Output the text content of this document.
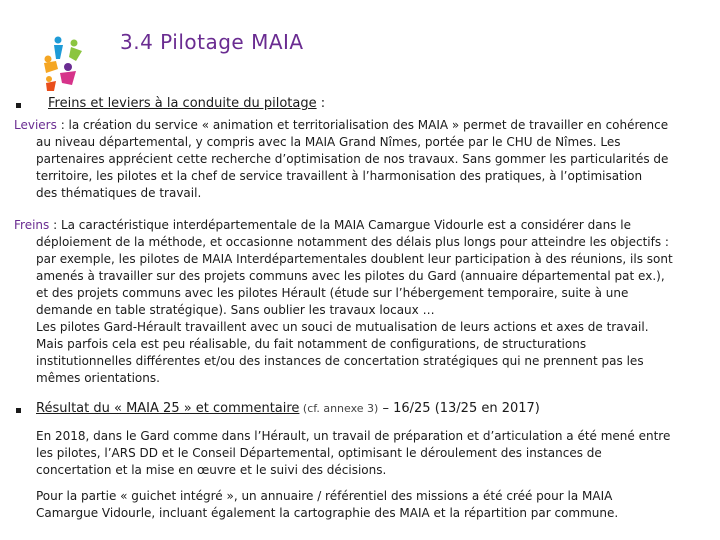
3.4 Pilotage MAIA
Freins et leviers à la conduite du pilotage :
Leviers : la création du service « animation et territorialisation des MAIA » permet de travailler en cohérence
au niveau départemental, y compris avec la MAIA Grand Nîmes, portée par le CHU de Nîmes. Les
partenaires apprécient cette recherche d’optimisation de nos travaux. Sans gommer les particularités de
territoire, les pilotes et la chef de service travaillent à l’harmonisation des pratiques, à l’optimisation
des thématiques de travail.
Freins : La caractéristique interdépartementale de la MAIA Camargue Vidourle est a considérer dans le
déploiement de la méthode, et occasionne notamment des délais plus longs pour atteindre les objectifs :
par exemple, les pilotes de MAIA Interdépartementales doublent leur participation à des réunions, ils sont
amenés à travailler sur des projets communs avec les pilotes du Gard (annuaire départemental pat ex.),
et des projets communs avec les pilotes Hérault (étude sur l’hébergement temporaire, suite à une
demande en table stratégique). Sans oublier les travaux locaux …
Les pilotes Gard-Hérault travaillent avec un souci de mutualisation de leurs actions et axes de travail.
Mais parfois cela est peu réalisable, du fait notamment de configurations, de structurations
institutionnelles différentes et/ou des instances de concertation stratégiques qui ne prennent pas les
mêmes orientations.
Résultat du « MAIA 25 » et commentaire (cf. annexe 3) – 16/25 (13/25 en 2017)
En 2018, dans le Gard comme dans l’Hérault, un travail de préparation et d’articulation a été mené entre
les pilotes, l’ARS DD et le Conseil Départemental, optimisant le déroulement des instances de
concertation et la mise en œuvre et le suivi des décisions.
Pour la partie « guichet intégré », un annuaire / référentiel des missions a été créé pour la MAIA
Camargue Vidourle, incluant également la cartographie des MAIA et la répartition par commune.
